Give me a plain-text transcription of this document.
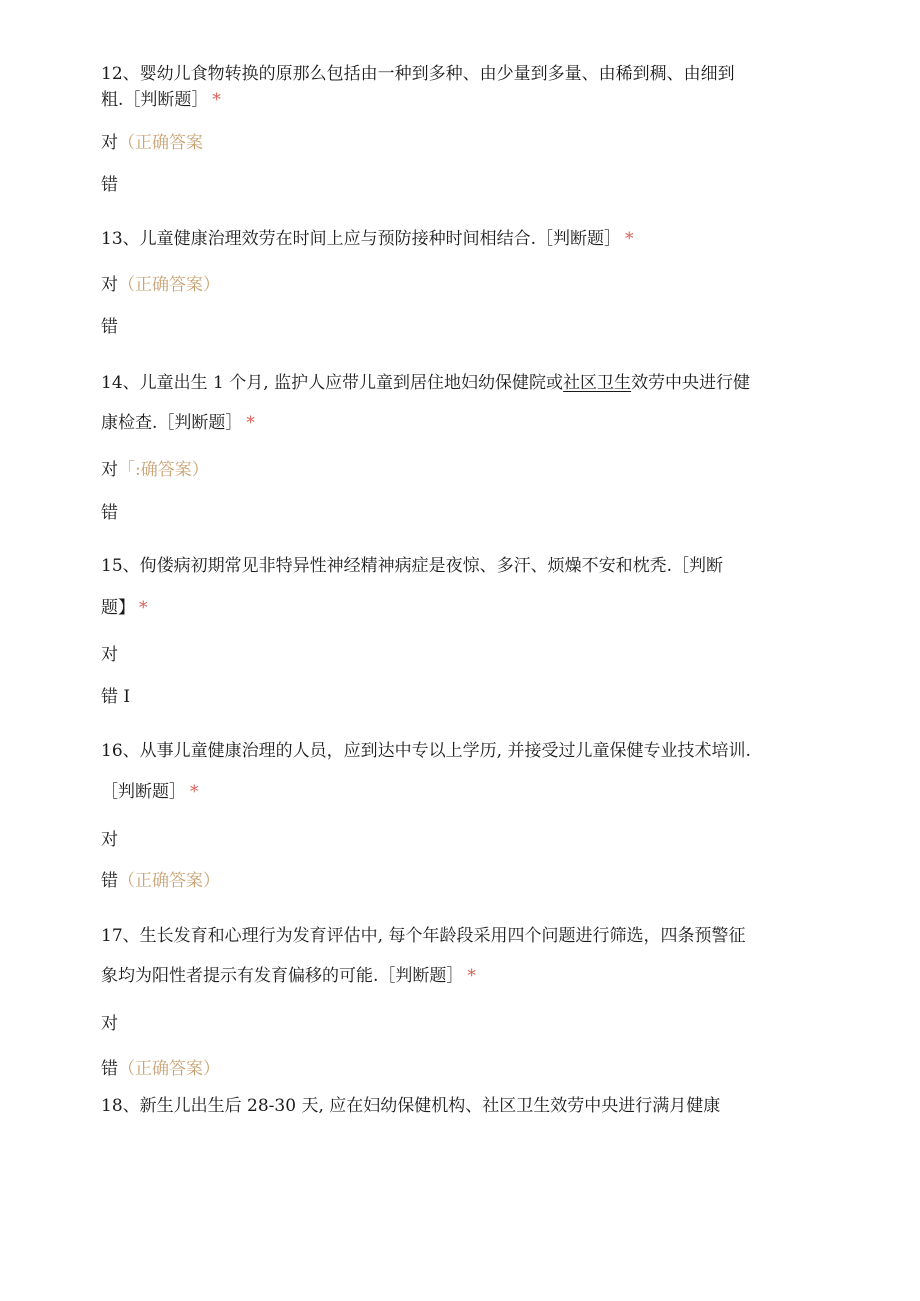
12、婴幼儿食物转换的原那么包括由一种到多种、由少量到多量、由稀到稠、由细到
粗.［判断题］ *
对（正确答案
错
13、儿童健康治理效劳在时间上应与预防接种时间相结合.［判断题］ *
对（正确答案）
错
14、儿童出生 1 个月, 监护人应带儿童到居住地妇幼保健院或社区卫生效劳中央进行健
康检查.［判断题］ *
对「:确答案）
错
15、佝偻病初期常见非特异性神经精神病症是夜惊、多汗、烦燥不安和枕秃.［判断
题】 *
对
错 I
16、从事儿童健康治理的人员，应到达中专以上学历, 并接受过儿童保健专业技术培训.
［判断题］ *
对
错（正确答案）
17、生长发育和心理行为发育评估中, 每个年龄段采用四个问题进行筛选，四条预警征
象均为阳性者提示有发育偏移的可能.［判断题］ *
对
错（正确答案）
18、新生儿出生后 28-30 天, 应在妇幼保健机构、社区卫生效劳中央进行满月健康
